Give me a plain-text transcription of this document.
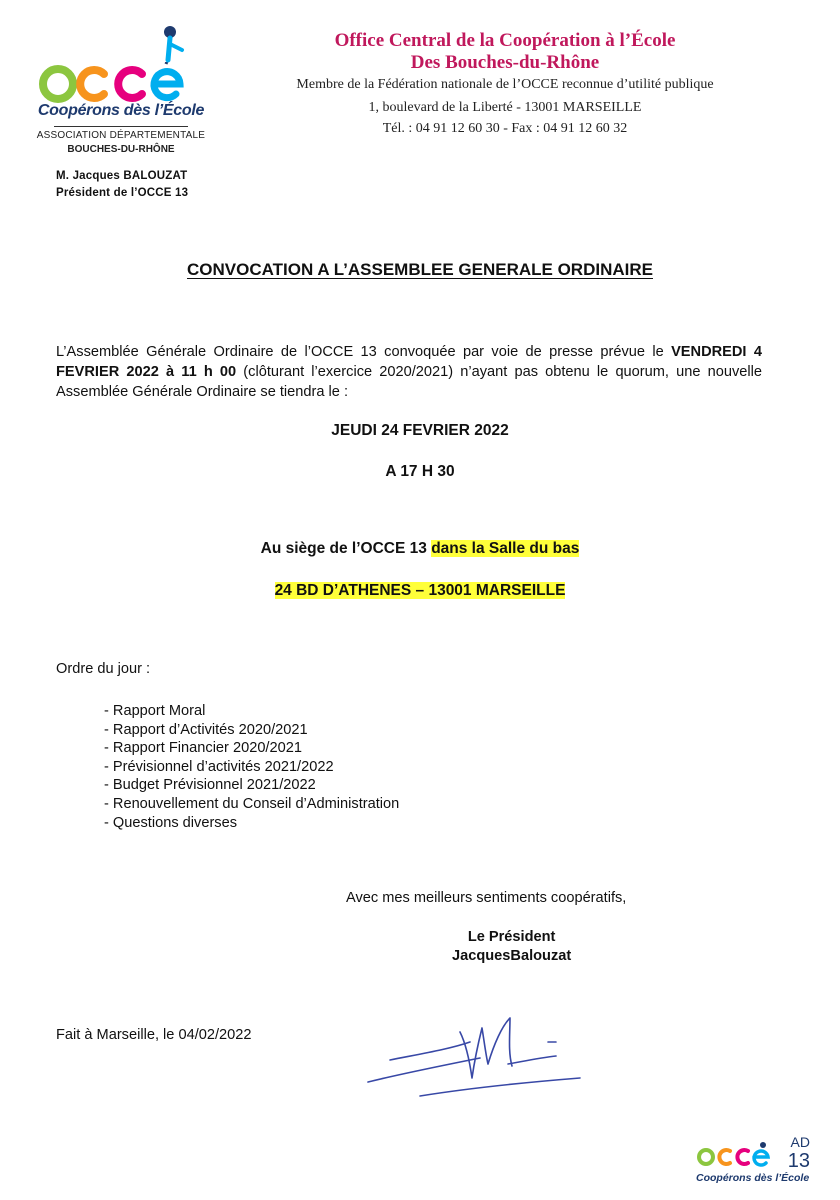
Coopérons dès l’École
ASSOCIATION DÉPARTEMENTALE
BOUCHES-DU-RHÔNE
M. Jacques BALOUZAT
Président de l’OCCE 13
Office Central de la Coopération à l’École
Des Bouches-du-Rhône
Membre de la Fédération nationale de l’OCCE reconnue d’utilité publique
1, boulevard de la Liberté - 13001 MARSEILLE
Tél. : 04 91 12 60 30 - Fax : 04 91 12 60 32
CONVOCATION A L’ASSEMBLEE GENERALE ORDINAIRE
L’Assemblée Générale Ordinaire de l’OCCE 13 convoquée par voie de presse prévue le VENDREDI 4 FEVRIER 2022 à 11 h 00 (clôturant l’exercice 2020/2021) n’ayant pas obtenu le quorum, une nouvelle Assemblée Générale Ordinaire se tiendra le :
JEUDI 24 FEVRIER 2022
A 17 H 30
Au siège de l’OCCE 13 dans la Salle du bas
24 BD D’ATHENES – 13001 MARSEILLE
Ordre du jour :
- Rapport Moral
- Rapport d’Activités 2020/2021
- Rapport Financier 2020/2021
- Prévisionnel d’activités 2021/2022
- Budget Prévisionnel 2021/2022
- Renouvellement du Conseil d’Administration
- Questions diverses
Avec mes meilleurs sentiments coopératifs,
Le Président
JacquesBalouzat
Fait à Marseille, le 04/02/2022
AD
13
Coopérons dès l’École
